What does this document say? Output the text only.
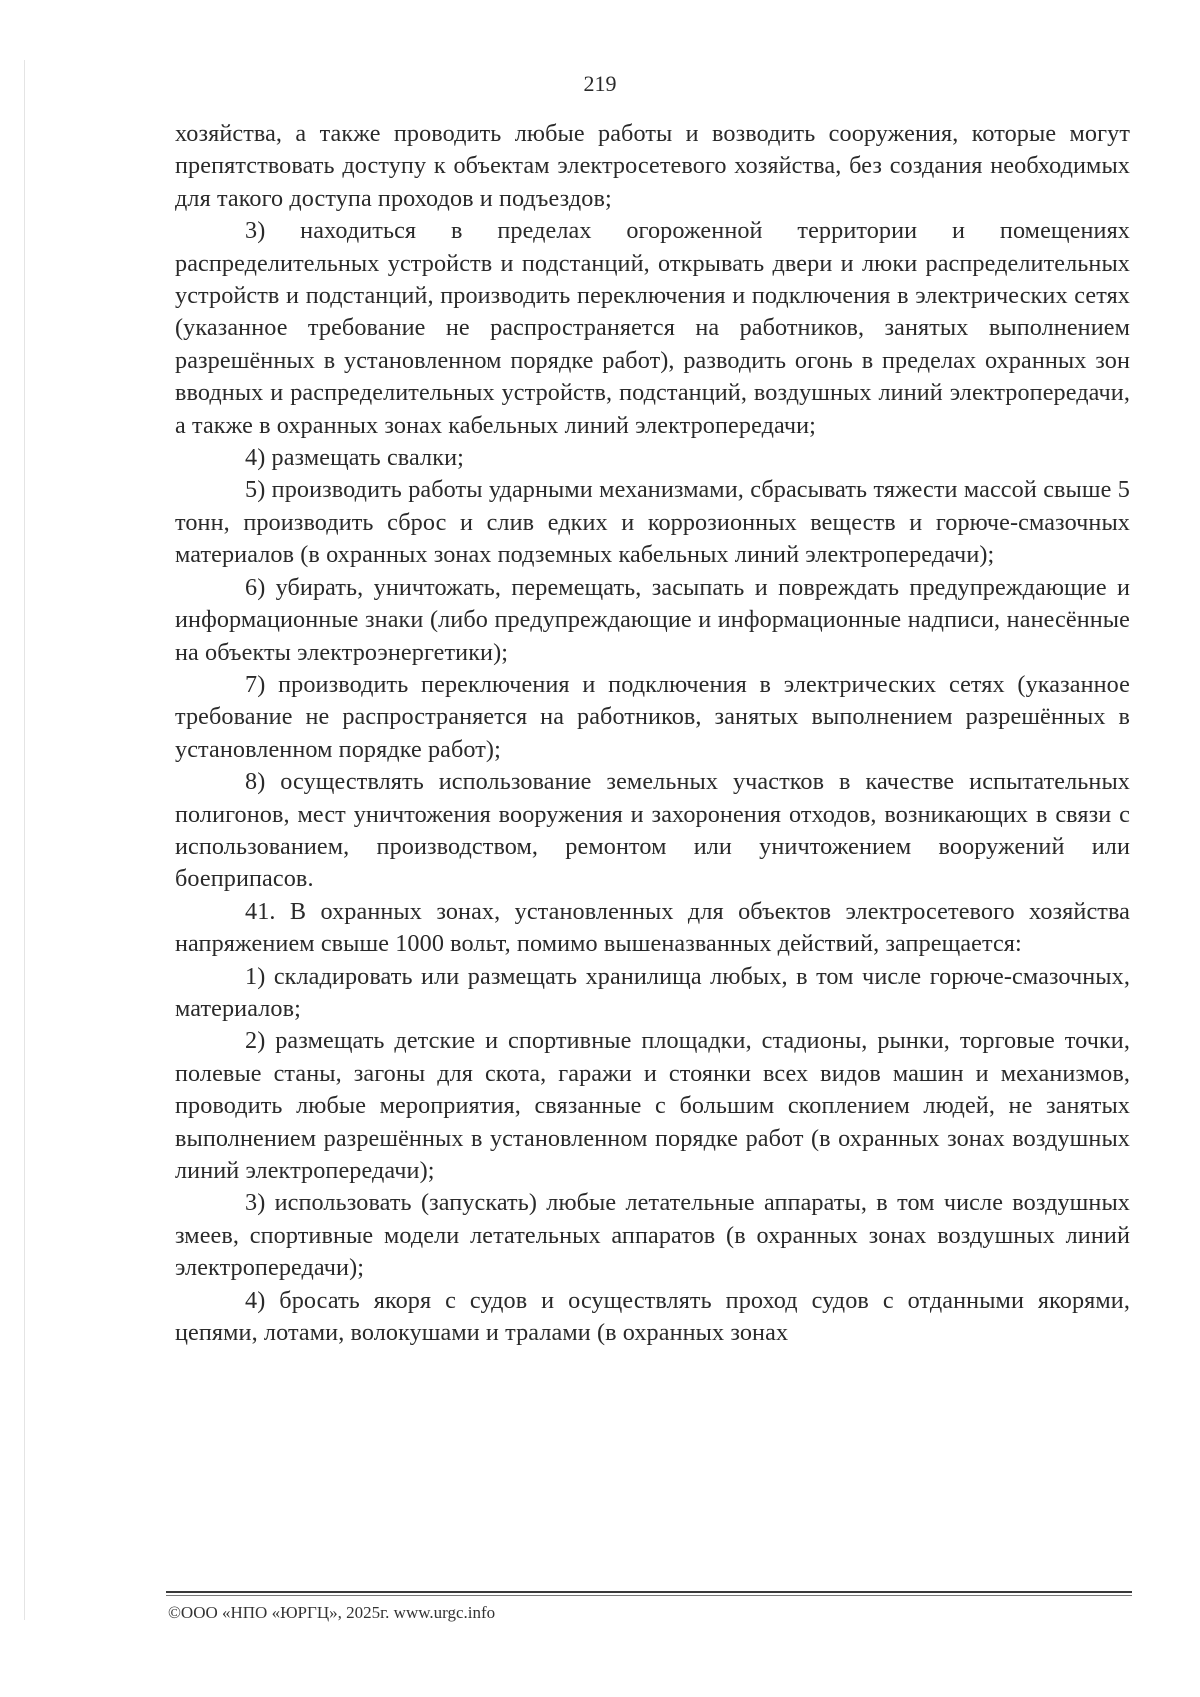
219

хозяйства, а также проводить любые работы и возводить сооружения, которые могут препятствовать доступу к объектам электросетевого хозяйства, без создания необходимых для такого доступа проходов и подъездов;

3) находиться в пределах огороженной территории и помещениях распределительных устройств и подстанций, открывать двери и люки распределительных устройств и подстанций, производить переключения и подключения в электрических сетях (указанное требование не распространяется на работников, занятых выполнением разрешённых в установленном порядке работ), разводить огонь в пределах охранных зон вводных и распределительных устройств, подстанций, воздушных линий электропередачи, а также в охранных зонах кабельных линий электропередачи;

4) размещать свалки;

5) производить работы ударными механизмами, сбрасывать тяжести массой свыше 5 тонн, производить сброс и слив едких и коррозионных веществ и горюче-смазочных материалов (в охранных зонах подземных кабельных линий электропередачи);

6) убирать, уничтожать, перемещать, засыпать и повреждать предупреждающие и информационные знаки (либо предупреждающие и информационные надписи, нанесённые на объекты электроэнергетики);

7) производить переключения и подключения в электрических сетях (указанное требование не распространяется на работников, занятых выполнением разрешённых в установленном порядке работ);

8) осуществлять использование земельных участков в качестве испытательных полигонов, мест уничтожения вооружения и захоронения отходов, возникающих в связи с использованием, производством, ремонтом или уничтожением вооружений или боеприпасов.

41. В охранных зонах, установленных для объектов электросетевого хозяйства напряжением свыше 1000 вольт, помимо вышеназванных действий, запрещается:

1) складировать или размещать хранилища любых, в том числе горюче-смазочных, материалов;

2) размещать детские и спортивные площадки, стадионы, рынки, торговые точки, полевые станы, загоны для скота, гаражи и стоянки всех видов машин и механизмов, проводить любые мероприятия, связанные с большим скоплением людей, не занятых выполнением разрешённых в установленном порядке работ (в охранных зонах воздушных линий электропередачи);

3) использовать (запускать) любые летательные аппараты, в том числе воздушных змеев, спортивные модели летательных аппаратов (в охранных зонах воздушных линий электропередачи);

4) бросать якоря с судов и осуществлять проход судов с отданными якорями, цепями, лотами, волокушами и тралами (в охранных зонах

©ООО «НПО «ЮРГЦ», 2025г. www.urgc.info
